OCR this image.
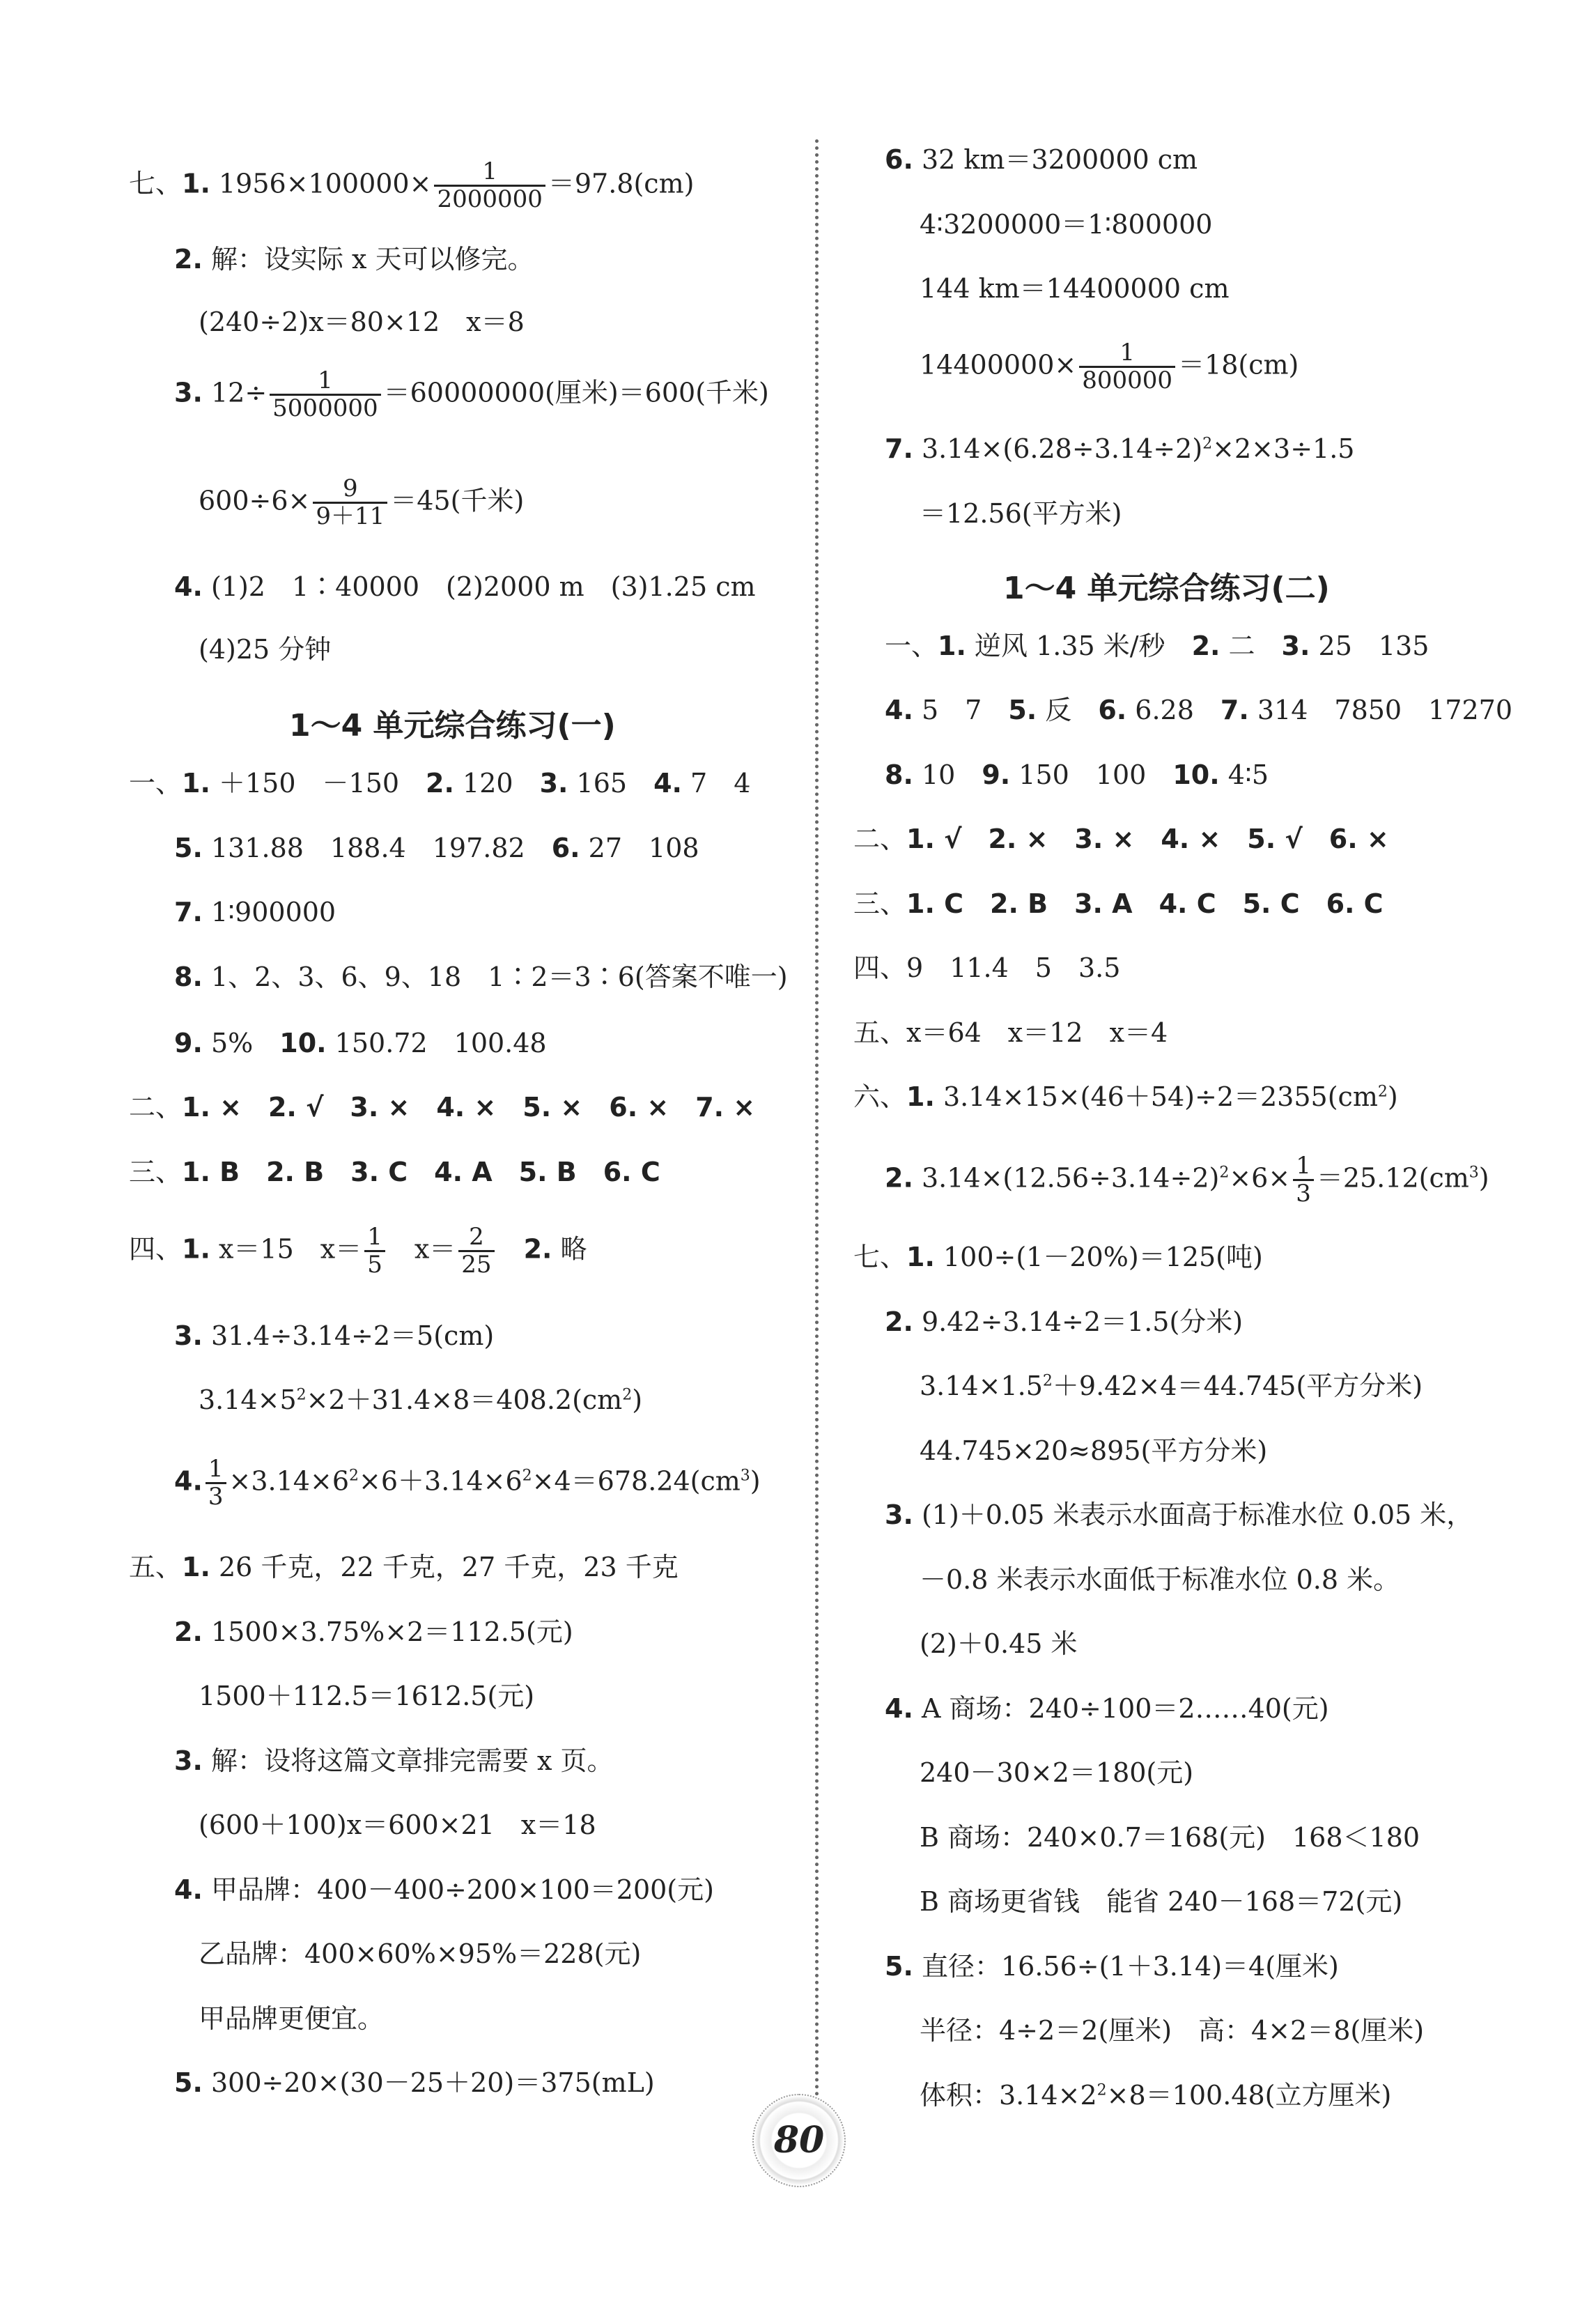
七、1. $1956\times 100000\times \frac{1}{2000000} =97.8(cm)$
2. 解：设实际 x 天可以修完。
(240÷2)x＝80×12　x＝8
3. $12\div \frac{1}{5000000} =60000000$(厘米)＝600(千米)
$600\div 6\times \frac{9}{9+11} =45$(千米)
4. (1)2　1∶40000　(2)2000 m　(3)1.25 cm
(4)25 分钟
1～4 单元综合练习(一)
一、1. ＋150　－150　2. 120　3. 165　4. 7　4
5. 131.88　188.4　197.82　6. 27　108
7. 1∶900000
8. 1、2、3、6、9、18　1∶2＝3∶6(答案不唯一)
9. 5%　10. 150.72　100.48
二、1. ×　2. √　3. ×　4. ×　5. ×　6. ×　7. ×
三、1. B　2. B　3. C　4. A　5. B　6. C
四、1. x＝15　$x= \frac{1}{5}$ 　$x= \frac{2}{25}$
　 2. 略
3. 31.4÷3.14÷2＝5(cm)
$3.14\times 5^2\times 2+31.4\times 8=408.2(cm^2)$
4. $\frac{1}{3} \times 3.14\times 6^2\times 6+3.14\times 6^2\times 4=678.24(cm^3)$
五、1. 26 千克，22 千克，27 千克，23 千克
2. 1500×3.75%×2＝112.5(元)
1500＋112.5＝1612.5(元)
3. 解：设将这篇文章排完需要 x 页。
(600＋100)x＝600×21　x＝18
4. 甲品牌：400－400÷200×100＝200(元)
乙品牌：400×60%×95%＝228(元)
甲品牌更便宜。
5. 300÷20×(30－25＋20)＝375(mL)
6. 32 km＝3200000 cm
4∶3200000＝1∶800000
144 km＝14400000 cm
$14400000\times \frac{1}{800000} =18(cm)$
7. $3.14\times(6.28\div 3.14\div 2)^2\times 2\times 3\div 1.5$
＝12.56(平方米)
1～4 单元综合练习(二)
一、1. 逆风 1.35 米/秒　2. 二　3. 25　135
4. 5　7　5. 反　6. 6.28　7. 314　7850　17270
8. 10　9. 150　100　10. 4∶5
二、1. √　2. ×　3. ×　4. ×　5. √　6. ×
三、1. C　2. B　3. A　4. C　5. C　6. C
四、9　11.4　5　3.5
五、x＝64　x＝12　x＝4
六、1. $3.14\times 15\times(46+54)\div 2=2355(cm^2)$
2. $3.14\times(12.56\div 3.14\div 2)^2\times 6\times \frac{1}{3} =25.12(cm^3)$
七、1. 100÷(1－20%)＝125(吨)
2. 9.42÷3.14÷2＝1.5(分米)
$3.14\times 1.5^2+9.42\times 4=44.745$(平方分米)
44.745×20≈895(平方分米)
3. (1)＋0.05 米表示水面高于标准水位 0.05 米，
－0.8 米表示水面低于标准水位 0.8 米。
(2)＋0.45 米
4. A 商场：240÷100＝2……40(元)
240－30×2＝180(元)
B 商场：240×0.7＝168(元)　168＜180
B 商场更省钱　能省 240－168＝72(元)
5. 直径：16.56÷(1＋3.14)＝4(厘米)
半径：4÷2＝2(厘米)　高：4×2＝8(厘米)
体积：$3.14\times 2^2\times 8=100.48$(立方厘米)
80
